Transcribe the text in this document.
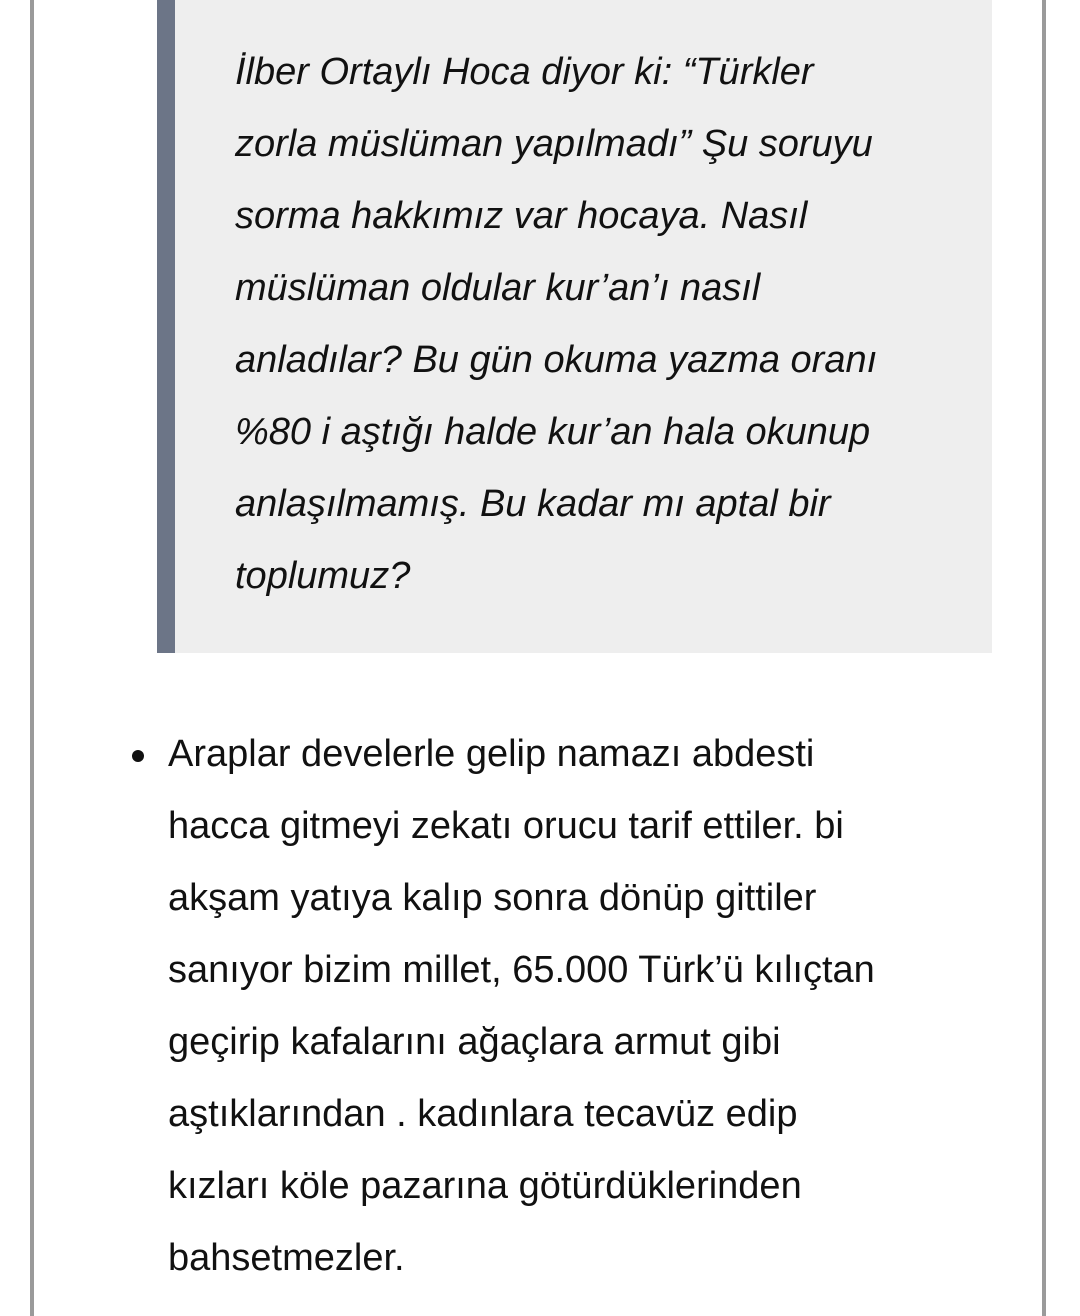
İlber Ortaylı Hoca diyor ki: “Türkler
zorla müslüman yapılmadı” Şu soruyu
sorma hakkımız var hocaya. Nasıl
müslüman oldular kur’an’ı nasıl
anladılar? Bu gün okuma yazma oranı
%80 i aştığı halde kur’an hala okunup
anlaşılmamış. Bu kadar mı aptal bir
toplumuz?

Araplar develerle gelip namazı abdesti
hacca gitmeyi zekatı orucu tarif ettiler. bi
akşam yatıya kalıp sonra dönüp gittiler
sanıyor bizim millet, 65.000 Türk’ü kılıçtan
geçirip kafalarını ağaçlara armut gibi
aştıklarından . kadınlara tecavüz edip
kızları köle pazarına götürdüklerinden
bahsetmezler.
